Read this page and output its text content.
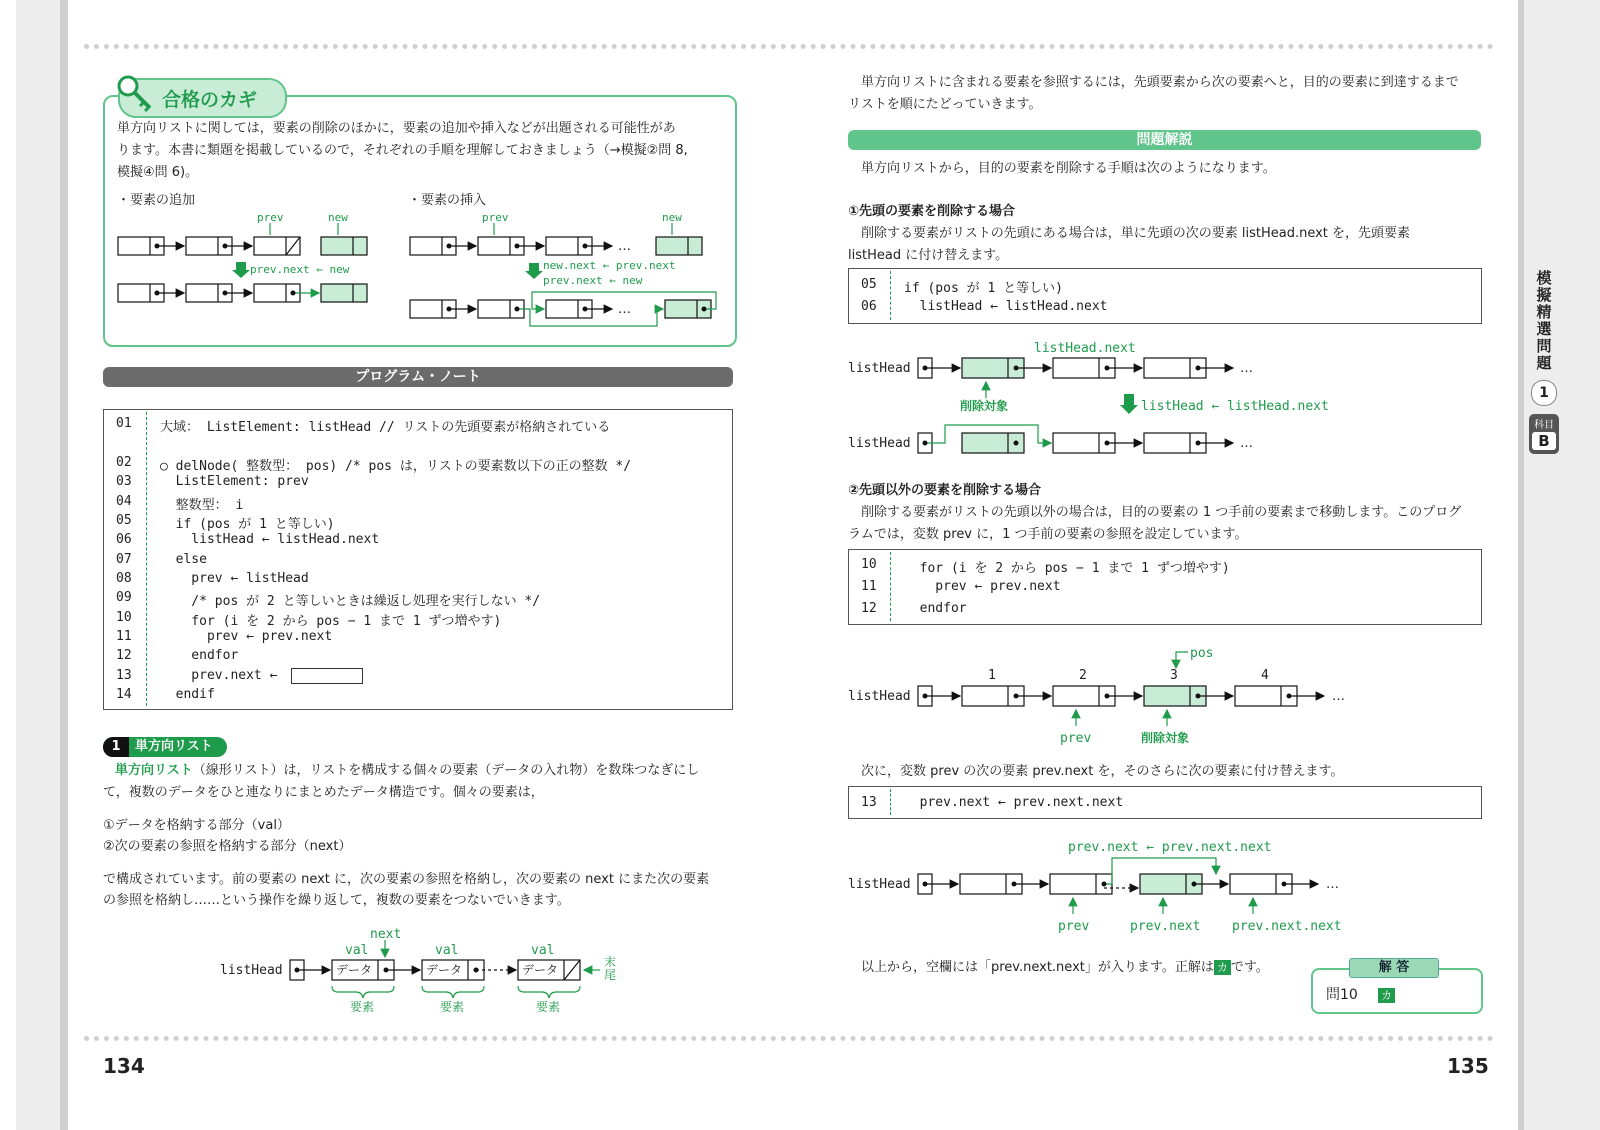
合格のカギ
単方向リストに関しては，要素の削除のほかに，要素の追加や挿入などが出題される可能性があ
ります。本書に類題を掲載しているので，それぞれの手順を理解しておきましょう（→模擬②問 8,
模擬④問 6)。
・要素の追加	・要素の挿入
prev	new
prev.next ← new
prev	new
new.next ← prev.next
prev.next ← new
…
…
プログラム・ノート
01 大域： ListElement: listHead // リストの先頭要素が格納されている
02 ○ delNode( 整数型： pos) /* pos は，リストの要素数以下の正の整数 */
03 ListElement: prev
04 整数型： i
05 if (pos が 1 と等しい)
06 listHead ← listHead.next
07 else
08 prev ← listHead
09 /* pos が 2 と等しいときは繰返し処理を実行しない */
10 for (i を 2 から pos − 1 まで 1 ずつ増やす)
11 prev ← prev.next
12 endfor
13 prev.next ←
14 endif
1	単方向リスト
単方向リスト（線形リスト）は，リストを構成する個々の要素（データの入れ物）を数珠つなぎにし
て，複数のデータをひと連なりにまとめたデータ構造です。個々の要素は，
①データを格納する部分（val）
②次の要素の参照を格納する部分（next）
で構成されています。前の要素の next に，次の要素の参照を格納し，次の要素の next にまた次の要素
の参照を格納し……という操作を繰り返して，複数の要素をつないでいきます。
listHead
next
val	val	val
データ	データ	データ
要素	要素	要素
末尾
134
単方向リストに含まれる要素を参照するには，先頭要素から次の要素へと，目的の要素に到達するまで
リストを順にたどっていきます。
問題解説
単方向リストから，目的の要素を削除する手順は次のようになります。
①先頭の要素を削除する場合
削除する要素がリストの先頭にある場合は，単に先頭の次の要素 listHead.next を，先頭要素
listHead に付け替えます。
05 if (pos が 1 と等しい)
06 listHead ← listHead.next
listHead
listHead.next
…
削除対象	listHead ← listHead.next
listHead	…
②先頭以外の要素を削除する場合
削除する要素がリストの先頭以外の場合は，目的の要素の 1 つ手前の要素まで移動します。このプログ
ラムでは，変数 prev に，1 つ手前の要素の参照を設定しています。
10 for (i を 2 から pos − 1 まで 1 ずつ増やす)
11 prev ← prev.next
12 endfor
pos
1	2	3	4
listHead	…
prev	削除対象
次に，変数 prev の次の要素 prev.next を，そのさらに次の要素に付け替えます。
13 prev.next ← prev.next.next
prev.next ← prev.next.next
listHead	…
prev	prev.next prev.next.next
以上から，空欄には「prev.next.next」が入ります。正解は カ です。	解 答
問10 カ
模擬精選問題
1
科目
B
135
